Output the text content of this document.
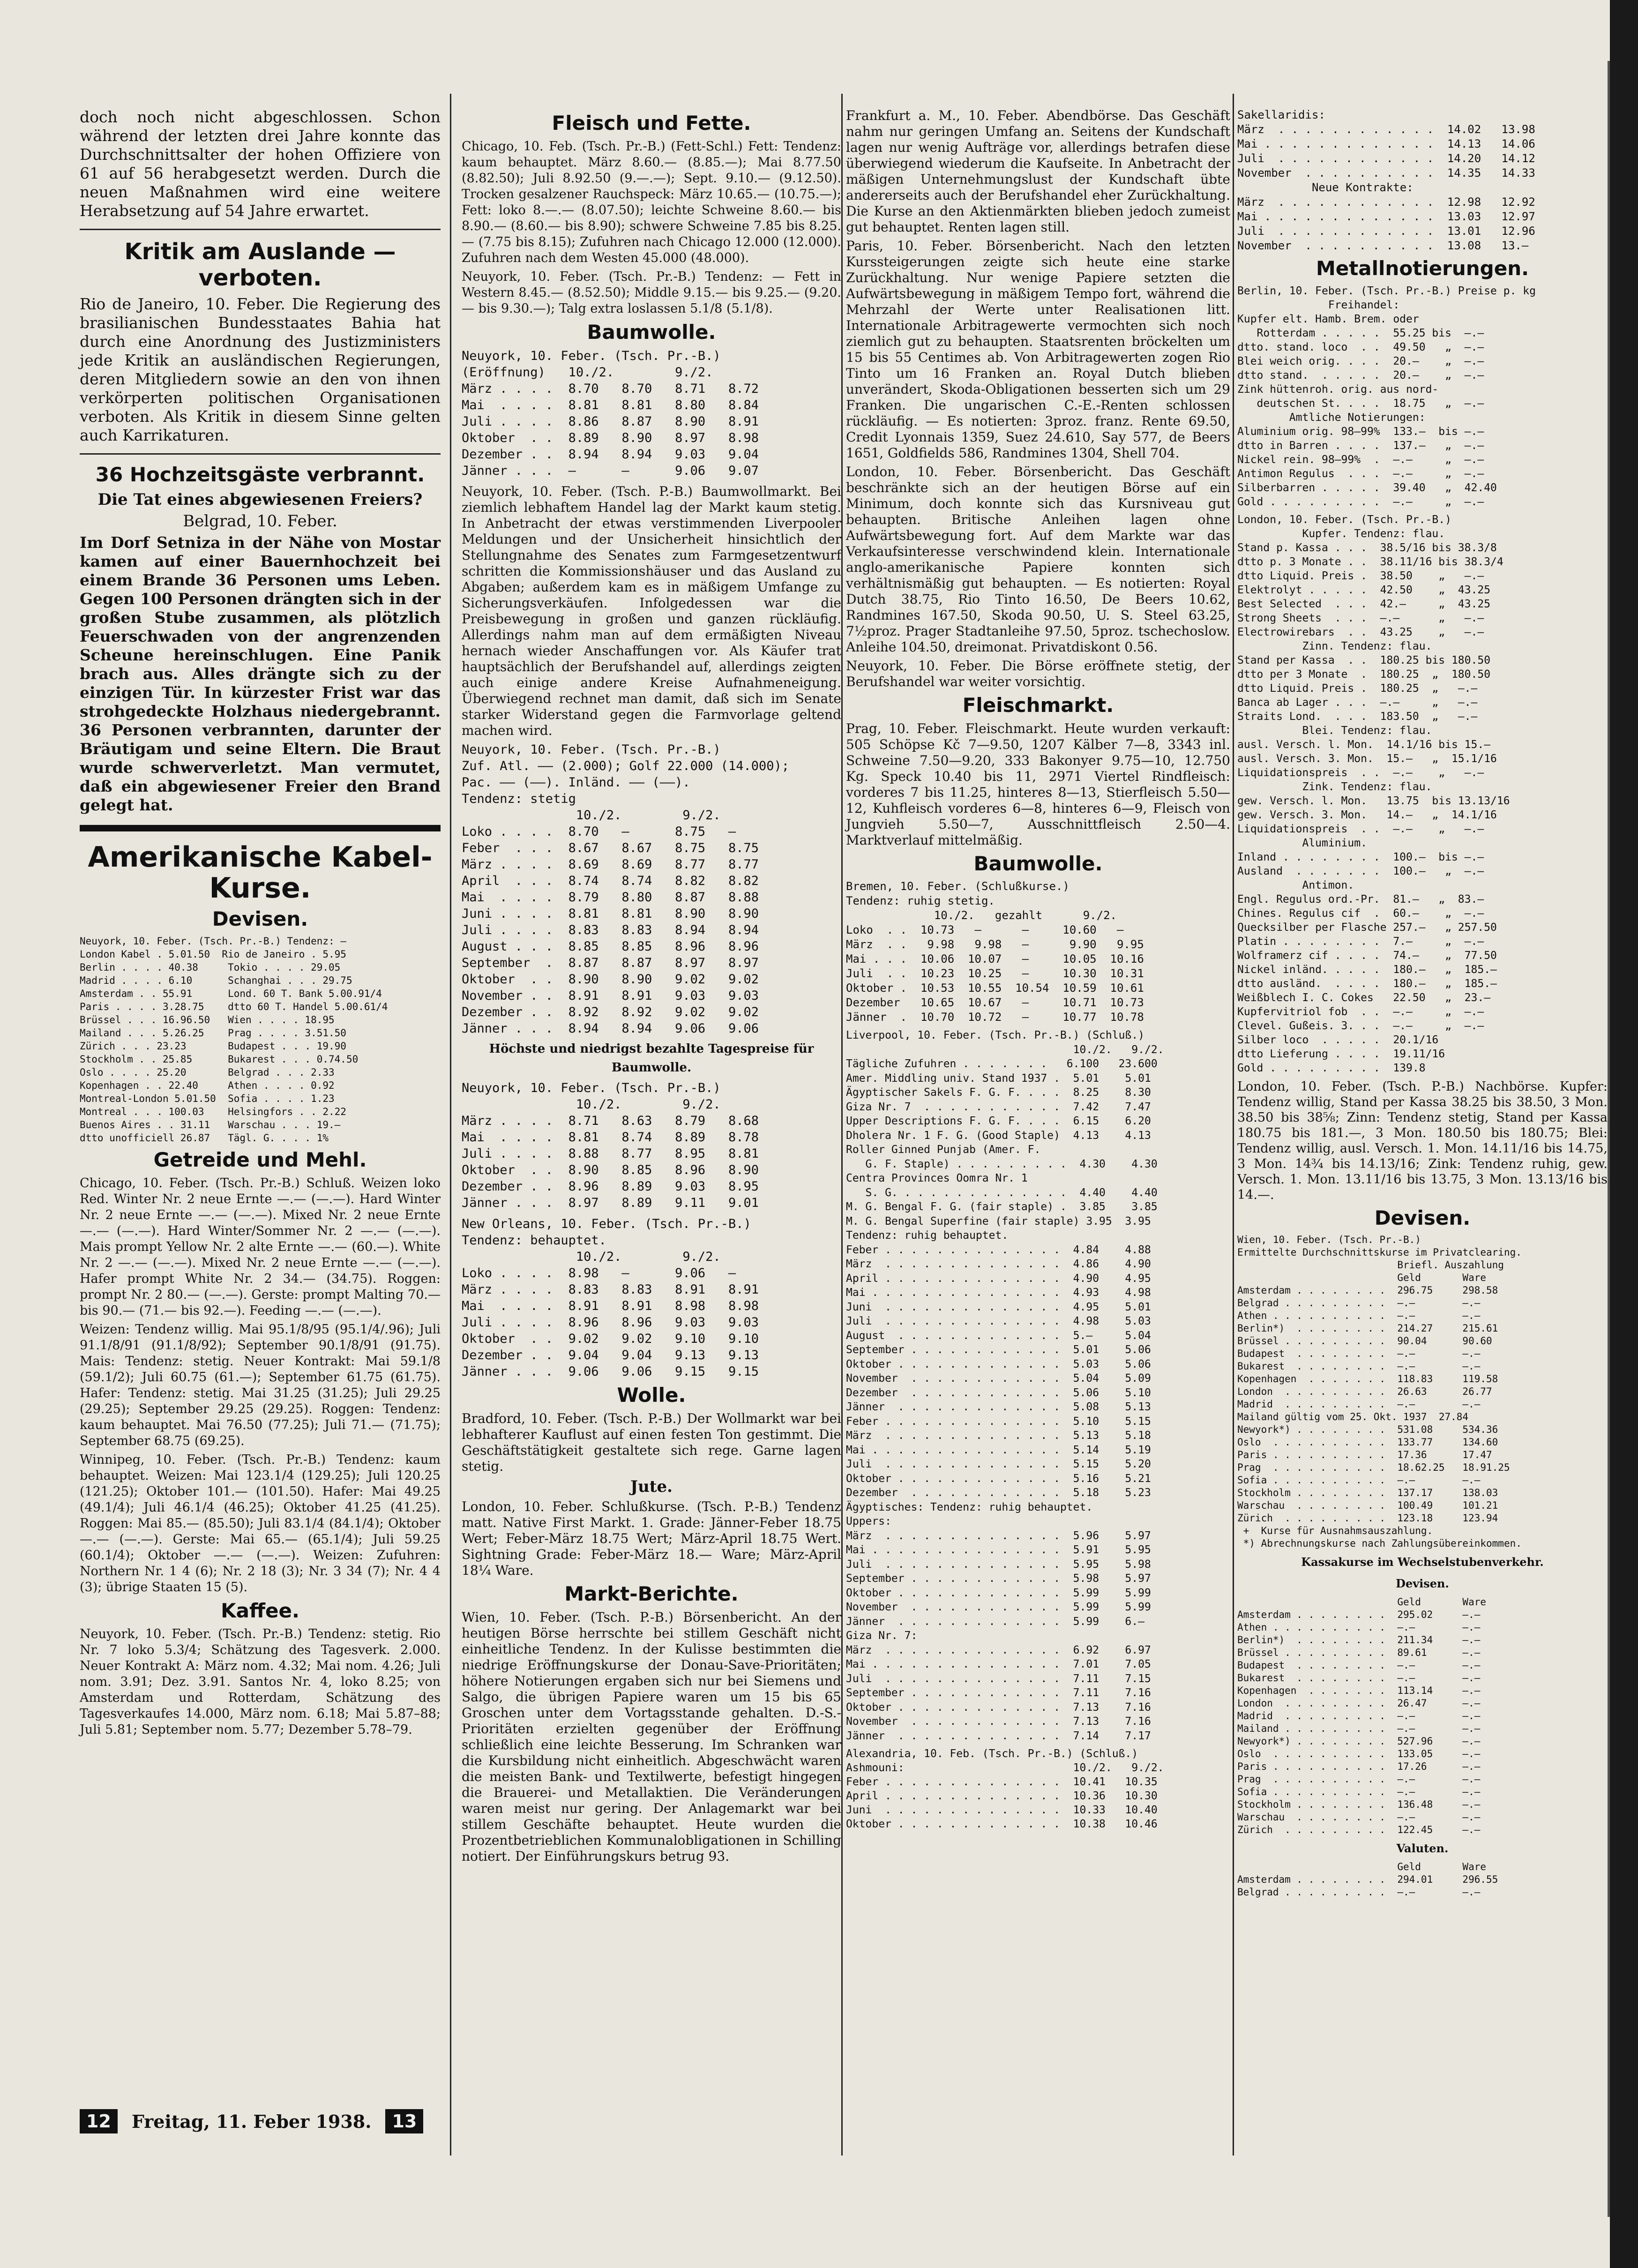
doch noch nicht abgeschlossen. Schon während der letzten drei Jahre konnte das Durchschnittsalter der hohen Offiziere von 61 auf 56 herabgesetzt werden. Durch die neuen Maßnahmen wird eine weitere Herabsetzung auf 54 Jahre erwartet.

Kritik am Auslande — verboten.

Rio de Janeiro, 10. Feber. Die Regierung des brasilianischen Bundesstaates Bahia hat durch eine Anordnung des Justizministers jede Kritik an ausländischen Regierungen, deren Mitgliedern sowie an den von ihnen verkörperten politischen Organisationen verboten. Als Kritik in diesem Sinne gelten auch Karrikaturen.

36 Hochzeitsgäste verbrannt.
Die Tat eines abgewiesenen Freiers?
Belgrad, 10. Feber.

Im Dorf Setniza in der Nähe von Mostar kamen auf einer Bauernhochzeit bei einem Brande 36 Personen ums Leben. Gegen 100 Personen drängten sich in der großen Stube zusammen, als plötzlich Feuerschwaden von der angrenzenden Scheune hereinschlugen. Eine Panik brach aus. Alles drängte sich zu der einzigen Tür. In kürzester Frist war das strohgedeckte Holzhaus niedergebrannt. 36 Personen verbrannten, darunter der Bräutigam und seine Eltern. Die Braut wurde schwerverletzt. Man vermutet, daß ein abgewiesener Freier den Brand gelegt hat.

Amerikanische Kabel-Kurse.
Devisen.
Neuyork, 10. Feber. (Tsch. Pr.-B.) Tendenz: —
London Kabel . 5.01.50  Rio de Janeiro . 5.95
Berlin . . . . 40.38     Tokio . . . . 29.05
Madrid . . . . 6.10      Schanghai . . . 29.75
Amsterdam . . 55.91      Lond. 60 T. Bank 5.00.91/4
Paris . . . . 3.28.75    dtto 60 T. Handel 5.00.61/4
Brüssel . . . 16.96.50   Wien . . . . 18.95
Mailand . . . 5.26.25    Prag . . . . 3.51.50
Zürich . . . 23.23       Budapest . . . 19.90
Stockholm . . 25.85      Bukarest . . . 0.74.50
Oslo . . . . 25.20       Belgrad . . . 2.33
Kopenhagen . . 22.40     Athen . . . . 0.92
Montreal-London 5.01.50  Sofia . . . . 1.23
Montreal . . . 100.03    Helsingfors . . 2.22
Buenos Aires . . 31.11   Warschau . . . 19.—
dtto unofficiell 26.87   Tägl. G. . . . 1%
Getreide und Mehl.

Chicago, 10. Feber. (Tsch. Pr.-B.) Schluß. Weizen loko Red. Winter Nr. 2 neue Ernte —.— (—.—). Hard Winter Nr. 2 neue Ernte —.— (—.—). Mixed Nr. 2 neue Ernte —.— (—.—). Hard Winter/Sommer Nr. 2 —.— (—.—). Mais prompt Yellow Nr. 2 alte Ernte —.— (60.—). White Nr. 2 —.— (—.—). Mixed Nr. 2 neue Ernte —.— (—.—). Hafer prompt White Nr. 2 34.— (34.75). Roggen: prompt Nr. 2 80.— (—.—). Gerste: prompt Malting 70.— bis 90.— (71.— bis 92.—). Feeding —.— (—.—).

Weizen: Tendenz willig. Mai 95.1/8/95 (95.1/4/.96); Juli 91.1/8/91 (91.1/8/92); September 90.1/8/91 (91.75). Mais: Tendenz: stetig. Neuer Kontrakt: Mai 59.1/8 (59.1/2); Juli 60.75 (61.—); September 61.75 (61.75). Hafer: Tendenz: stetig. Mai 31.25 (31.25); Juli 29.25 (29.25); September 29.25 (29.25). Roggen: Tendenz: kaum behauptet. Mai 76.50 (77.25); Juli 71.— (71.75); September 68.75 (69.25).

Winnipeg, 10. Feber. (Tsch. Pr.-B.) Tendenz: kaum behauptet. Weizen: Mai 123.1/4 (129.25); Juli 120.25 (121.25); Oktober 101.— (101.50). Hafer: Mai 49.25 (49.1/4); Juli 46.1/4 (46.25); Oktober 41.25 (41.25). Roggen: Mai 85.— (85.50); Juli 83.1/4 (84.1/4); Oktober —.— (—.—). Gerste: Mai 65.— (65.1/4); Juli 59.25 (60.1/4); Oktober —.— (—.—). Weizen: Zufuhren: Northern Nr. 1 4 (6); Nr. 2 18 (3); Nr. 3 34 (7); Nr. 4 4 (3); übrige Staaten 15 (5).

Kaffee.

Neuyork, 10. Feber. (Tsch. Pr.-B.) Tendenz: stetig. Rio Nr. 7 loko 5.3/4; Schätzung des Tagesverk. 2.000. Neuer Kontrakt A: März nom. 4.32; Mai nom. 4.26; Juli nom. 3.91; Dez. 3.91. Santos Nr. 4, loko 8.25; von Amsterdam und Rotterdam, Schätzung des Tagesverkaufes 14.000, März nom. 6.18; Mai 5.87–88; Juli 5.81; September nom. 5.77; Dezember 5.78–79.

Fleisch und Fette.

Chicago, 10. Feb. (Tsch. Pr.-B.) (Fett-Schl.) Fett: Tendenz: kaum behauptet. März 8.60.— (8.85.—); Mai 8.77.50 (8.82.50); Juli 8.92.50 (9.—.—); Sept. 9.10.— (9.12.50). Trocken gesalzener Rauchspeck: März 10.65.— (10.75.—); Fett: loko 8.—.— (8.07.50); leichte Schweine 8.60.— bis 8.90.— (8.60.— bis 8.90); schwere Schweine 7.85 bis 8.25.— (7.75 bis 8.15); Zufuhren nach Chicago 12.000 (12.000). Zufuhren nach dem Westen 45.000 (48.000).

Neuyork, 10. Feber. (Tsch. Pr.-B.) Tendenz: — Fett in Western 8.45.— (8.52.50); Middle 9.15.— bis 9.25.— (9.20.— bis 9.30.—); Talg extra loslassen 5.1/8 (5.1/8).

Baumwolle.
Neuyork, 10. Feber. (Tsch. Pr.-B.)
(Eröffnung)   10./2.        9./2.
März . . . .  8.70   8.70   8.71   8.72
Mai  . . . .  8.81   8.81   8.80   8.84
Juli . . . .  8.86   8.87   8.90   8.91
Oktober  . .  8.89   8.90   8.97   8.98
Dezember . .  8.94   8.94   9.03   9.04
Jänner . . .  —      —      9.06   9.07

Neuyork, 10. Feber. (Tsch. P.-B.) Baumwollmarkt. Bei ziemlich lebhaftem Handel lag der Markt kaum stetig. In Anbetracht der etwas verstimmenden Liverpooler Meldungen und der Unsicherheit hinsichtlich der Stellungnahme des Senates zum Farmgesetzentwurf schritten die Kommissionshäuser und das Ausland zu Abgaben; außerdem kam es in mäßigem Umfange zu Sicherungsverkäufen. Infolgedessen war die Preisbewegung in großen und ganzen rückläufig. Allerdings nahm man auf dem ermäßigten Niveau hernach wieder Anschaffungen vor. Als Käufer trat hauptsächlich der Berufshandel auf, allerdings zeigten auch einige andere Kreise Aufnahmeneigung. Überwiegend rechnet man damit, daß sich im Senate starker Widerstand gegen die Farmvorlage geltend machen wird.

Neuyork, 10. Feber. (Tsch. Pr.-B.)
Zuf. Atl. —— (2.000); Golf 22.000 (14.000);
Pac. —— (——). Inländ. —— (——).
Tendenz: stetig
10./2.        9./2.
Loko . . . .  8.70   —      8.75   —
Feber  . . .  8.67   8.67   8.75   8.75
März . . . .  8.69   8.69   8.77   8.77
April  . . .  8.74   8.74   8.82   8.82
Mai  . . . .  8.79   8.80   8.87   8.88
Juni . . . .  8.81   8.81   8.90   8.90
Juli . . . .  8.83   8.83   8.94   8.94
August . . .  8.85   8.85   8.96   8.96
September  .  8.87   8.87   8.97   8.97
Oktober  . .  8.90   8.90   9.02   9.02
November . .  8.91   8.91   9.03   9.03
Dezember . .  8.92   8.92   9.02   9.02
Jänner . . .  8.94   8.94   9.06   9.06
Höchste und niedrigst bezahlte Tagespreise für Baumwolle.
Neuyork, 10. Feber. (Tsch. Pr.-B.)
10./2.        9./2.
März . . . .  8.71   8.63   8.79   8.68
Mai  . . . .  8.81   8.74   8.89   8.78
Juli . . . .  8.88   8.77   8.95   8.81
Oktober  . .  8.90   8.85   8.96   8.90
Dezember . .  8.96   8.89   9.03   8.95
Jänner . . .  8.97   8.89   9.11   9.01
New Orleans, 10. Feber. (Tsch. Pr.-B.)
Tendenz: behauptet.
10./2.        9./2.
Loko . . . .  8.98   —      9.06   —
März . . . .  8.83   8.83   8.91   8.91
Mai  . . . .  8.91   8.91   8.98   8.98
Juli . . . .  8.96   8.96   9.03   9.03
Oktober  . .  9.02   9.02   9.10   9.10
Dezember . .  9.04   9.04   9.13   9.13
Jänner . . .  9.06   9.06   9.15   9.15
Wolle.

Bradford, 10. Feber. (Tsch. P.-B.) Der Wollmarkt war bei lebhafterer Kauflust auf einen festen Ton gestimmt. Die Geschäftstätigkeit gestaltete sich rege. Garne lagen stetig.

Jute.

London, 10. Feber. Schlußkurse. (Tsch. P.-B.) Tendenz matt. Native First Markt. 1. Grade: Jänner-Feber 18.75 Wert; Feber-März 18.75 Wert; März-April 18.75 Wert. Sightning Grade: Feber-März 18.— Ware; März-April 18¼ Ware.

Markt-Berichte.

Wien, 10. Feber. (Tsch. P.-B.) Börsenbericht. An der heutigen Börse herrschte bei stillem Geschäft nicht einheitliche Tendenz. In der Kulisse bestimmten die niedrige Eröffnungskurse der Donau-Save-Prioritäten; höhere Notierungen ergaben sich nur bei Siemens und Salgo, die übrigen Papiere waren um 15 bis 65 Groschen unter dem Vortagsstande gehalten. D.-S.-Prioritäten erzielten gegenüber der Eröffnung schließlich eine leichte Besserung. Im Schranken war die Kursbildung nicht einheitlich. Abgeschwächt waren die meisten Bank- und Textilwerte, befestigt hingegen die Brauerei- und Metallaktien. Die Veränderungen waren meist nur gering. Der Anlagemarkt war bei stillem Geschäfte behauptet. Heute wurden die Prozentbetrieblichen Kommunalobligationen in Schilling notiert. Der Einführungskurs betrug 93.

Frankfurt a. M., 10. Feber. Abendbörse. Das Geschäft nahm nur geringen Umfang an. Seitens der Kundschaft lagen nur wenig Aufträge vor, allerdings betrafen diese überwiegend wiederum die Kaufseite. In Anbetracht der mäßigen Unternehmungslust der Kundschaft übte andererseits auch der Berufshandel eher Zurückhaltung. Die Kurse an den Aktienmärkten blieben jedoch zumeist gut behauptet. Renten lagen still.

Paris, 10. Feber. Börsenbericht. Nach den letzten Kurssteigerungen zeigte sich heute eine starke Zurückhaltung. Nur wenige Papiere setzten die Aufwärtsbewegung in mäßigem Tempo fort, während die Mehrzahl der Werte unter Realisationen litt. Internationale Arbitragewerte vermochten sich noch ziemlich gut zu behaupten. Staatsrenten bröckelten um 15 bis 55 Centimes ab. Von Arbitragewerten zogen Rio Tinto um 16 Franken an. Royal Dutch blieben unverändert, Skoda-Obligationen besserten sich um 29 Franken. Die ungarischen C.-E.-Renten schlossen rückläufig. — Es notierten: 3proz. franz. Rente 69.50, Credit Lyonnais 1359, Suez 24.610, Say 577, de Beers 1651, Goldfields 586, Randmines 1304, Shell 704.

London, 10. Feber. Börsenbericht. Das Geschäft beschränkte sich an der heutigen Börse auf ein Minimum, doch konnte sich das Kursniveau gut behaupten. Britische Anleihen lagen ohne Aufwärtsbewegung fort. Auf dem Markte war das Verkaufsinteresse verschwindend klein. Internationale anglo-amerikanische Papiere konnten sich verhältnismäßig gut behaupten. — Es notierten: Royal Dutch 38.75, Rio Tinto 16.50, De Beers 10.62, Randmines 167.50, Skoda 90.50, U. S. Steel 63.25, 7½proz. Prager Stadtanleihe 97.50, 5proz. tschechoslow. Anleihe 104.50, dreimonat. Privatdiskont 0.56.

Neuyork, 10. Feber. Die Börse eröffnete stetig, der Berufshandel war weiter vorsichtig.

Fleischmarkt.

Prag, 10. Feber. Fleischmarkt. Heute wurden verkauft: 505 Schöpse Kč 7—9.50, 1207 Kälber 7—8, 3343 inl. Schweine 7.50—9.20, 333 Bakonyer 9.75—10, 12.750 Kg. Speck 10.40 bis 11, 2971 Viertel Rindfleisch: vorderes 7 bis 11.25, hinteres 8—13, Stierfleisch 5.50—12, Kuhfleisch vorderes 6—8, hinteres 6—9, Fleisch von Jungvieh 5.50—7, Ausschnittfleisch 2.50—4. Marktverlauf mittelmäßig.

Baumwolle.
Bremen, 10. Feber. (Schlußkurse.)
Tendenz: ruhig stetig.
10./2.   gezahlt      9./2.
Loko  . .  10.73   —      —     10.60   —
März  . .   9.98   9.98   —      9.90   9.95
Mai . . .  10.06  10.07   —     10.05  10.16
Juli  . .  10.23  10.25   —     10.30  10.31
Oktober .  10.53  10.55  10.54  10.59  10.61
Dezember   10.65  10.67   —     10.71  10.73
Jänner  .  10.70  10.72   —     10.77  10.78
Liverpool, 10. Feber. (Tsch. Pr.-B.) (Schluß.)
10./2.   9./2.
Tägliche Zufuhren . . . . . . .   6.100   23.600
Amer. Middling univ. Stand 1937 .  5.01    5.01
Ägyptischer Sakels F. G. F. . . .  8.25    8.30
Giza Nr. 7  . . . . . . . . . . .  7.42    7.47
Upper Descriptions F. G. F. . . .  6.15    6.20
Dholera Nr. 1 F. G. (Good Staple)  4.13    4.13
Roller Ginned Punjab (Amer. F.
G. F. Staple) . . . . . . . . .  4.30    4.30
Centra Provinces Oomra Nr. 1
S. G. . . . . . . . . . . . . .  4.40    4.40
M. G. Bengal F. G. (fair staple) .  3.85    3.85
M. G. Bengal Superfine (fair staple) 3.95  3.95
Tendenz: ruhig behauptet.
Feber . . . . . . . . . . . . . .  4.84    4.88
März  . . . . . . . . . . . . . .  4.86    4.90
April . . . . . . . . . . . . . .  4.90    4.95
Mai . . . . . . . . . . . . . . .  4.93    4.98
Juni  . . . . . . . . . . . . . .  4.95    5.01
Juli  . . . . . . . . . . . . . .  4.98    5.03
August  . . . . . . . . . . . . .  5.—     5.04
September . . . . . . . . . . . .  5.01    5.06
Oktober . . . . . . . . . . . . .  5.03    5.06
November  . . . . . . . . . . . .  5.04    5.09
Dezember  . . . . . . . . . . . .  5.06    5.10
Jänner  . . . . . . . . . . . . .  5.08    5.13
Feber . . . . . . . . . . . . . .  5.10    5.15
März  . . . . . . . . . . . . . .  5.13    5.18
Mai . . . . . . . . . . . . . . .  5.14    5.19
Juli  . . . . . . . . . . . . . .  5.15    5.20
Oktober . . . . . . . . . . . . .  5.16    5.21
Dezember  . . . . . . . . . . . .  5.18    5.23
Ägyptisches: Tendenz: ruhig behauptet.
Uppers:
März  . . . . . . . . . . . . . .  5.96    5.97
Mai . . . . . . . . . . . . . . .  5.91    5.95
Juli  . . . . . . . . . . . . . .  5.95    5.98
September . . . . . . . . . . . .  5.98    5.97
Oktober . . . . . . . . . . . . .  5.99    5.99
November  . . . . . . . . . . . .  5.99    5.99
Jänner  . . . . . . . . . . . . .  5.99    6.—
Giza Nr. 7:
März  . . . . . . . . . . . . . .  6.92    6.97
Mai . . . . . . . . . . . . . . .  7.01    7.05
Juli  . . . . . . . . . . . . . .  7.11    7.15
September . . . . . . . . . . . .  7.11    7.16
Oktober . . . . . . . . . . . . .  7.13    7.16
November  . . . . . . . . . . . .  7.13    7.16
Jänner  . . . . . . . . . . . . .  7.14    7.17
Alexandria, 10. Feb. (Tsch. Pr.-B.) (Schluß.)
Ashmouni:                          10./2.   9./2.
Feber . . . . . . . . . . . . . .  10.41   10.35
April . . . . . . . . . . . . . .  10.36   10.30
Juni  . . . . . . . . . . . . . .  10.33   10.40
Oktober . . . . . . . . . . . . .  10.38   10.46
Sakellaridis:
März  . . . . . . . . . . . .  14.02   13.98
Mai . . . . . . . . . . . . .  14.13   14.06
Juli  . . . . . . . . . . . .  14.20   14.12
November  . . . . . . . . . .  14.35   14.33
Neue Kontrakte:
März  . . . . . . . . . . . .  12.98   12.92
Mai . . . . . . . . . . . . .  13.03   12.97
Juli  . . . . . . . . . . . .  13.01   12.96
November  . . . . . . . . . .  13.08   13.—
Metallnotierungen.
Berlin, 10. Feber. (Tsch. Pr.-B.) Preise p. kg
Freihandel:
Kupfer elt. Hamb. Brem. oder
Rotterdam . . . . .  55.25 bis  —.—
dtto. stand. loco  . .  49.50   „  —.—
Blei weich orig. . . .  20.—    „  —.—
dtto stand.  . . . . .  20.—    „  —.—
Zink hüttenroh. orig. aus nord-
deutschen St. . . .  18.75   „  —.—
Amtliche Notierungen:
Aluminium orig. 98—99%  133.—  bis —.—
dtto in Barren . . . .  137.—   „  —.—
Nickel rein. 98—99%  .  —.—     „  —.—
Antimon Regulus  . . .  —.—     „  —.—
Silberbarren . . . . .  39.40   „  42.40
Gold . . . . . . . . .  —.—     „  —.—
London, 10. Feber. (Tsch. Pr.-B.)
Kupfer. Tendenz: flau.
Stand p. Kassa . . .  38.5/16 bis 38.3/8
dtto p. 3 Monate . .  38.11/16 bis 38.3/4
dtto Liquid. Preis .  38.50    „   —.—
Elektrolyt . . . . .  42.50    „  43.25
Best Selected  . . .  42.—     „  43.25
Strong Sheets  . . .  —.—      „   —.—
Electrowirebars  . .  43.25    „   —.—
Zinn. Tendenz: flau.
Stand per Kassa  . .  180.25 bis 180.50
dtto per 3 Monate  .  180.25  „  180.50
dtto Liquid. Preis .  180.25  „   —.—
Banca ab Lager . . .  —.—     „   —.—
Straits Lond.  . . .  183.50  „   —.—
Blei. Tendenz: flau.
ausl. Versch. l. Mon.  14.1/16 bis 15.—
ausl. Versch. 3. Mon.  15.—   „  15.1/16
Liquidationspreis  . .  —.—    „   —.—
Zink. Tendenz: flau.
gew. Versch. l. Mon.   13.75  bis 13.13/16
gew. Versch. 3. Mon.   14.—   „  14.1/16
Liquidationspreis  . .  —.—    „   —.—
Aluminium.
Inland . . . . . . . .  100.—  bis —.—
Ausland  . . . . . . .  100.—   „  —.—
Antimon.
Engl. Regulus ord.-Pr.  81.—   „  83.—
Chines. Regulus cif  .  60.—    „  —.—
Quecksilber per Flasche 257.—   „ 257.50
Platin . . . . . . . .  7.—     „  —.—
Wolframerz cif . . . .  74.—    „  77.50
Nickel inländ. . . . .  180.—   „  185.—
dtto ausländ.  . . . .  180.—   „  185.—
Weißblech I. C. Cokes   22.50   „  23.—
Kupfervitriol fob  . .  —.—     „  —.—
Clevel. Gußeis. 3. . .  —.—     „  —.—
Silber loco  . . . . .  20.1/16
dtto Lieferung . . . .  19.11/16
Gold . . . . . . . . .  139.8

London, 10. Feber. (Tsch. P.-B.) Nachbörse. Kupfer: Tendenz willig, Stand per Kassa 38.25 bis 38.50, 3 Mon. 38.50 bis 38⅝; Zinn: Tendenz stetig, Stand per Kassa 180.75 bis 181.—, 3 Mon. 180.50 bis 180.75; Blei: Tendenz willig, ausl. Versch. 1. Mon. 14.11/16 bis 14.75, 3 Mon. 14¾ bis 14.13/16; Zink: Tendenz ruhig, gew. Versch. 1. Mon. 13.11/16 bis 13.75, 3 Mon. 13.13/16 bis 14.—.

Devisen.
Wien, 10. Feber. (Tsch. Pr.-B.)
Ermittelte Durchschnittskurse im Privatclearing.
Briefl. Auszahlung
Geld       Ware
Amsterdam . . . . . . . .  296.75     298.58
Belgrad . . . . . . . . .  —.—        —.—
Athen . . . . . . . . . .  —.—        —.—
Berlin*)  . . . . . . . .  214.27     215.61
Brüssel . . . . . . . . .  90.04      90.60
Budapest  . . . . . . . .  —.—        —.—
Bukarest  . . . . . . . .  —.—        —.—
Kopenhagen  . . . . . . .  118.83     119.58
London  . . . . . . . . .  26.63      26.77
Madrid  . . . . . . . . .  —.—        —.—
Mailand gültig vom 25. Okt. 1937  27.84
Newyork*) . . . . . . . .  531.08     534.36
Oslo  . . . . . . . . . .  133.77     134.60
Paris . . . . . . . . . .  17.36      17.47
Prag  . . . . . . . . . .  18.62.25   18.91.25
Sofia . . . . . . . . . .  —.—        —.—
Stockholm . . . . . . . .  137.17     138.03
Warschau  . . . . . . . .  100.49     101.21
Zürich  . . . . . . . . .  123.18     123.94
+  Kurse für Ausnahmsauszahlung.
*) Abrechnungskurse nach Zahlungsübereinkommen.
Kassakurse im Wechselstubenverkehr.
Devisen.
Geld       Ware
Amsterdam . . . . . . . .  295.02     —.—
Athen . . . . . . . . . .  —.—        —.—
Berlin*)  . . . . . . . .  211.34     —.—
Brüssel . . . . . . . . .  89.61      —.—
Budapest  . . . . . . . .  —.—        —.—
Bukarest  . . . . . . . .  —.—        —.—
Kopenhagen  . . . . . . .  113.14     —.—
London  . . . . . . . . .  26.47      —.—
Madrid  . . . . . . . . .  —.—        —.—
Mailand . . . . . . . . .  —.—        —.—
Newyork*) . . . . . . . .  527.96     —.—
Oslo  . . . . . . . . . .  133.05     —.—
Paris . . . . . . . . . .  17.26      —.—
Prag  . . . . . . . . . .  —.—        —.—
Sofia . . . . . . . . . .  —.—        —.—
Stockholm . . . . . . . .  136.48     —.—
Warschau  . . . . . . . .  —.—        —.—
Zürich  . . . . . . . . .  122.45     —.—
Valuten.
Geld       Ware
Amsterdam . . . . . . . .  294.01     296.55
Belgrad . . . . . . . . .  —.—        —.—
12	Freitag, 11. Feber 1938.	13
